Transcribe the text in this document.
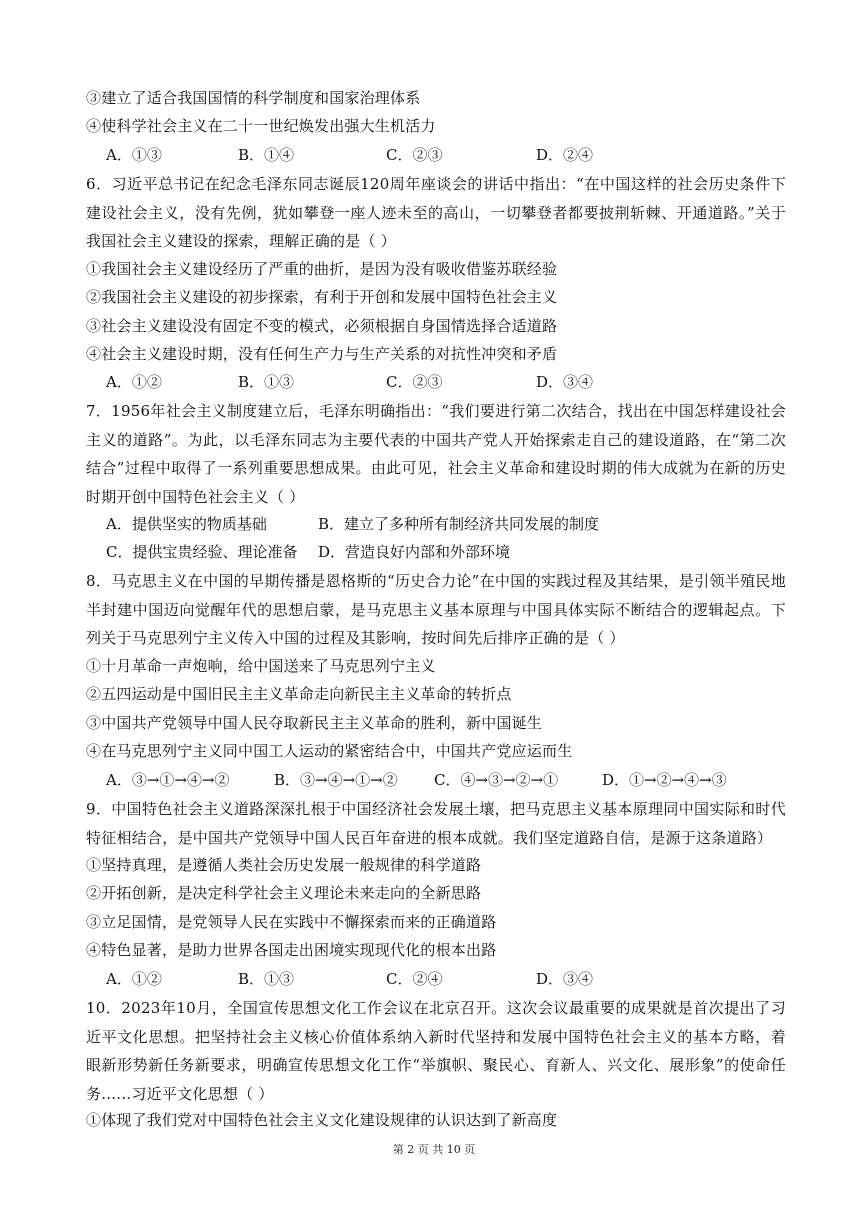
③建立了适合我国国情的科学制度和国家治理体系
④使科学社会主义在二十一世纪焕发出强大生机活力
A．①③	B．①④	C．②③	D．②④
6．习近平总书记在纪念毛泽东同志诞辰120周年座谈会的讲话中指出：“在中国这样的社会历史条件下建设社会主义，没有先例，犹如攀登一座人迹未至的高山，一切攀登者都要披荆斩棘、开通道路。”关于我国社会主义建设的探索，理解正确的是（ ）
①我国社会主义建设经历了严重的曲折，是因为没有吸收借鉴苏联经验
②我国社会主义建设的初步探索，有利于开创和发展中国特色社会主义
③社会主义建设没有固定不变的模式，必须根据自身国情选择合适道路
④社会主义建设时期，没有任何生产力与生产关系的对抗性冲突和矛盾
A．①②	B．①③	C．②③	D．③④
7．1956年社会主义制度建立后，毛泽东明确指出：“我们要进行第二次结合，找出在中国怎样建设社会主义的道路”。为此，以毛泽东同志为主要代表的中国共产党人开始探索走自己的建设道路，在“第二次结合”过程中取得了一系列重要思想成果。由此可见，社会主义革命和建设时期的伟大成就为在新的历史时期开创中国特色社会主义（ ）
A．提供坚实的物质基础	B．建立了多种所有制经济共同发展的制度
C．提供宝贵经验、理论准备 D．营造良好内部和外部环境
8．马克思主义在中国的早期传播是恩格斯的“历史合力论”在中国的实践过程及其结果，是引领半殖民地半封建中国迈向觉醒年代的思想启蒙，是马克思主义基本原理与中国具体实际不断结合的逻辑起点。下列关于马克思列宁主义传入中国的过程及其影响，按时间先后排序正确的是（ ）
①十月革命一声炮响，给中国送来了马克思列宁主义
②五四运动是中国旧民主主义革命走向新民主主义革命的转折点
③中国共产党领导中国人民夺取新民主主义革命的胜利，新中国诞生
④在马克思列宁主义同中国工人运动的紧密结合中，中国共产党应运而生
A．③→①→④→②	B．③→④→①→② C．④→③→②→①	D．①→②→④→③
9．中国特色社会主义道路深深扎根于中国经济社会发展土壤，把马克思主义基本原理同中国实际和时代特征相结合，是中国共产党领导中国人民百年奋进的根本成就。我们坚定道路自信，是源于这条道路）
①坚持真理，是遵循人类社会历史发展一般规律的科学道路
②开拓创新，是决定科学社会主义理论未来走向的全新思路
③立足国情，是党领导人民在实践中不懈探索而来的正确道路
④特色显著，是助力世界各国走出困境实现现代化的根本出路
A．①②	B．①③	C．②④	D．③④
10．2023年10月，全国宣传思想文化工作会议在北京召开。这次会议最重要的成果就是首次提出了习近平文化思想。把坚持社会主义核心价值体系纳入新时代坚持和发展中国特色社会主义的基本方略，着眼新形势新任务新要求，明确宣传思想文化工作“举旗帜、聚民心、育新人、兴文化、展形象”的使命任务......习近平文化思想（ ）
①体现了我们党对中国特色社会主义文化建设规律的认识达到了新高度
第 2 页 共 10 页
